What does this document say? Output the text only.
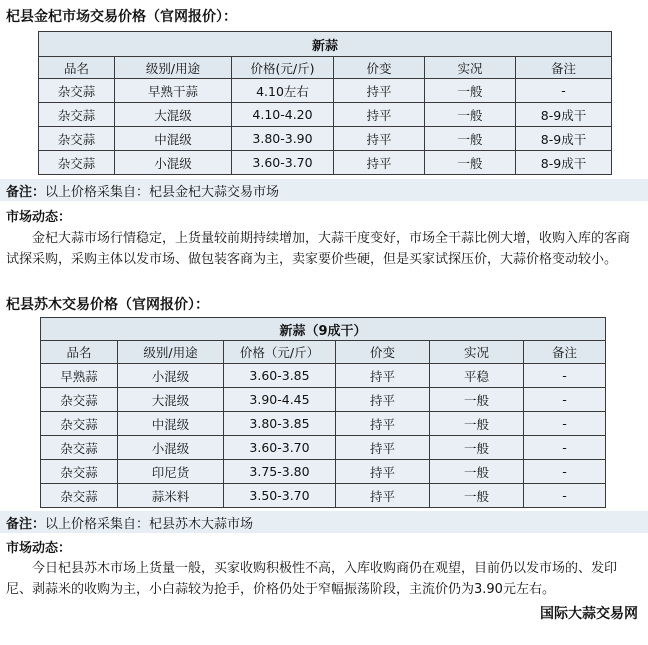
杞县金杞市场交易价格（官网报价）：
新蒜					
品名	级别/用途	价格(元/斤)	价变	实况	备注
杂交蒜	早熟干蒜	4.10左右	持平	一般	-
杂交蒜	大混级	4.10-4.20	持平	一般	8-9成干
杂交蒜	中混级	3.80-3.90	持平	一般	8-9成干
杂交蒜	小混级	3.60-3.70	持平	一般	8-9成干
备注：以上价格采集自：杞县金杞大蒜交易市场
市场动态：
金杞大蒜市场行情稳定，上货量较前期持续增加，大蒜干度变好，市场全干蒜比例大增，收购入库的客商试探采购，采购主体以发市场、做包装客商为主，卖家要价些硬，但是买家试探压价，大蒜价格变动较小。
杞县苏木交易价格（官网报价）：
新蒜（9成干）					
品名	级别/用途	价格（元/斤）	价变	实况	备注
早熟蒜	小混级	3.60-3.85	持平	平稳	-
杂交蒜	大混级	3.90-4.45	持平	一般	-
杂交蒜	中混级	3.80-3.85	持平	一般	-
杂交蒜	小混级	3.60-3.70	持平	一般	-
杂交蒜	印尼货	3.75-3.80	持平	一般	-
杂交蒜	蒜米料	3.50-3.70	持平	一般	-
备注：以上价格采集自：杞县苏木大蒜市场
市场动态：
今日杞县苏木市场上货量一般，买家收购积极性不高，入库收购商仍在观望，目前仍以发市场的、发印尼、剥蒜米的收购为主，小白蒜较为抢手，价格仍处于窄幅振荡阶段，主流价仍为3.90元左右。
国际大蒜交易网
